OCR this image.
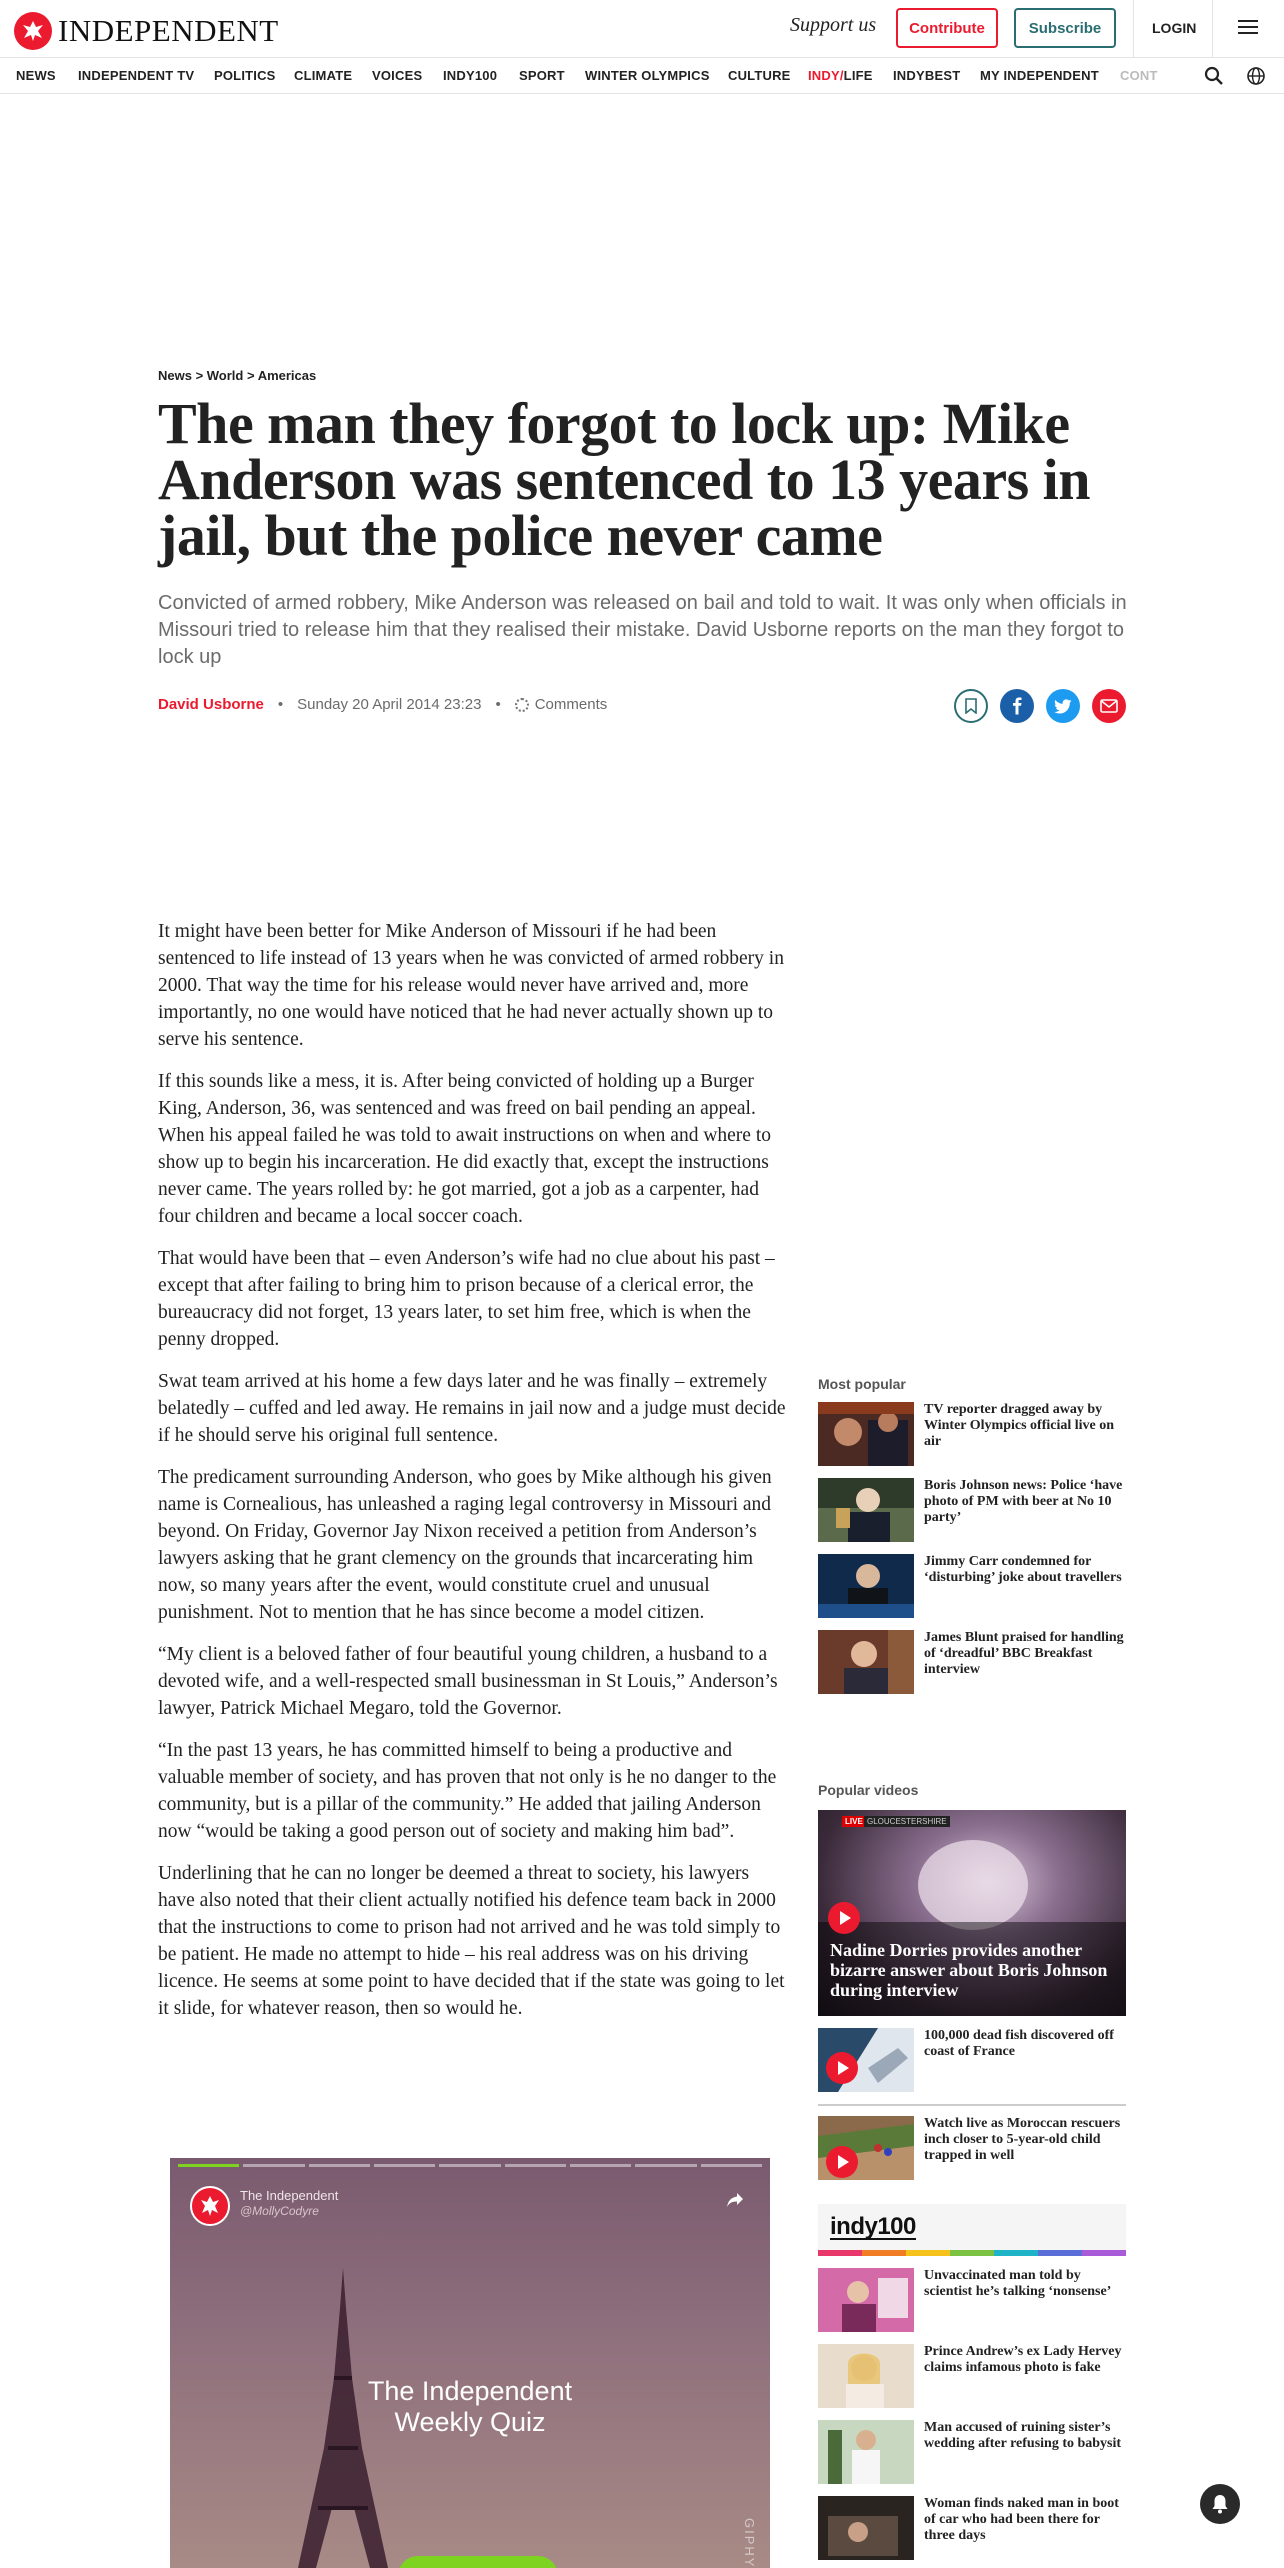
INDEPENDENT	Support us	Contribute	Subscribe	LOGIN
NEWS INDEPENDENT TV POLITICS CLIMATE VOICES INDY100 SPORT WINTER OLYMPICS CULTURE INDY/LIFE INDYBEST MY INDEPENDENT CONT
News > World > Americas
The man they forgot to lock up: Mike Anderson was sentenced to 13 years in jail, but the police never came

Convicted of armed robbery, Mike Anderson was released on bail and told to wait. It was only when officials in Missouri tried to release him that they realised their mistake. David Usborne reports on the man they forgot to lock up

David Usborne • Sunday 20 April 2014 23:23 •	Comments

It might have been better for Mike Anderson of Missouri if he had been sentenced to life instead of 13 years when he was convicted of armed robbery in 2000. That way the time for his release would never have arrived and, more importantly, no one would have noticed that he had never actually shown up to serve his sentence.

If this sounds like a mess, it is. After being convicted of holding up a Burger King, Anderson, 36, was sentenced and was freed on bail pending an appeal. When his appeal failed he was told to await instructions on when and where to show up to begin his incarceration. He did exactly that, except the instructions never came. The years rolled by: he got married, got a job as a carpenter, had four children and became a local soccer coach.

That would have been that – even Anderson’s wife had no clue about his past – except that after failing to bring him to prison because of a clerical error, the bureaucracy did not forget, 13 years later, to set him free, which is when the penny dropped.

Swat team arrived at his home a few days later and he was finally – extremely belatedly – cuffed and led away. He remains in jail now and a judge must decide if he should serve his original full sentence.

The predicament surrounding Anderson, who goes by Mike although his given name is Cornealious, has unleashed a raging legal controversy in Missouri and beyond. On Friday, Governor Jay Nixon received a petition from Anderson’s lawyers asking that he grant clemency on the grounds that incarcerating him now, so many years after the event, would constitute cruel and unusual punishment. Not to mention that he has since become a model citizen.

“My client is a beloved father of four beautiful young children, a husband to a devoted wife, and a well-respected small businessman in St Louis,” Anderson’s lawyer, Patrick Michael Megaro, told the Governor.

“In the past 13 years, he has committed himself to being a productive and valuable member of society, and has proven that not only is he no danger to the community, but is a pillar of the community.” He added that jailing Anderson now “would be taking a good person out of society and making him bad”.

Underlining that he can no longer be deemed a threat to society, his lawyers have also noted that their client actually notified his defence team back in 2000 that the instructions to come to prison had not arrived and he was told simply to be patient. He made no attempt to hide – his real address was on his driving licence. He seems at some point to have decided that if the state was going to let it slide, for whatever reason, then so would he.

The Independent
@MollyCodyre
The Independent
Weekly Quiz
GIPHY
Most popular
TV reporter dragged away by Winter Olympics official live on air
Boris Johnson news: Police ‘have photo of PM with beer at No 10 party’
Jimmy Carr condemned for ‘disturbing’ joke about travellers
James Blunt praised for handling of ‘dreadful’ BBC Breakfast interview
Popular videos
LIVE GLOUCESTERSHIRE
Nadine Dorries provides another bizarre answer about Boris Johnson during interview
100,000 dead fish discovered off coast of France
Watch live as Moroccan rescuers inch closer to 5-year-old child trapped in well
indy100
Unvaccinated man told by scientist he’s talking ‘nonsense’
Prince Andrew’s ex Lady Hervey claims infamous photo is fake
Man accused of ruining sister’s wedding after refusing to babysit
Woman finds naked man in boot of car who had been there for three days
